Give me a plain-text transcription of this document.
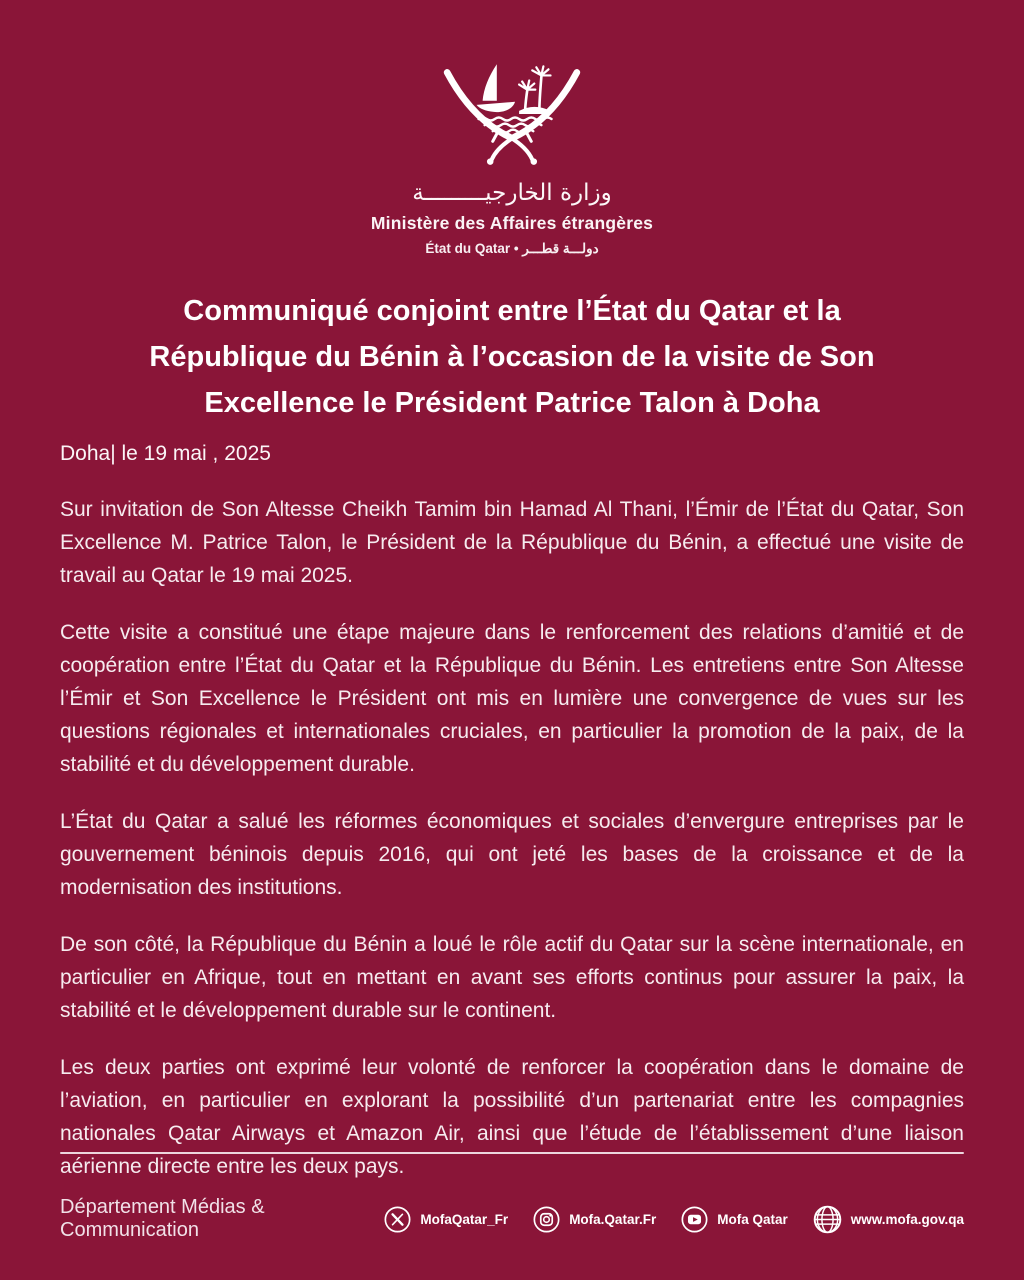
وزارة الخارجيـــــــــة
Ministère des Affaires étrangères
État du Qatar • دولـــة قطـــر
Communiqué conjoint entre l’État du Qatar et la
République du Bénin à l’occasion de la visite de Son
Excellence le Président Patrice Talon à Doha
Doha| le 19 mai , 2025

Sur invitation de Son Altesse Cheikh Tamim bin Hamad Al Thani, l’Émir de l’État du Qatar, Son Excellence M. Patrice Talon, le Président de la République du Bénin, a effectué une visite de travail au Qatar le 19 mai 2025.

Cette visite a constitué une étape majeure dans le renforcement des relations d’amitié et de coopération entre l’État du Qatar et la République du Bénin. Les entretiens entre Son Altesse l’Émir et Son Excellence le Président ont mis en lumière une convergence de vues sur les questions régionales et internationales cruciales, en particulier la promotion de la paix, de la stabilité et du développement durable.

L’État du Qatar a salué les réformes économiques et sociales d’envergure entreprises par le gouvernement béninois depuis 2016, qui ont jeté les bases de la croissance et de la modernisation des institutions.

De son côté, la République du Bénin a loué le rôle actif du Qatar sur la scène internationale, en particulier en Afrique, tout en mettant en avant ses efforts continus pour assurer la paix, la stabilité et le développement durable sur le continent.

Les deux parties ont exprimé leur volonté de renforcer la coopération dans le domaine de l’aviation, en particulier en explorant la possibilité d’un partenariat entre les compagnies nationales Qatar Airways et Amazon Air, ainsi que l’étude de l’établissement d’une liaison aérienne directe entre les deux pays.

Département Médias & Communication	MofaQatar_Fr	Mofa.Qatar.Fr	Mofa Qatar	www.mofa.gov.qa
